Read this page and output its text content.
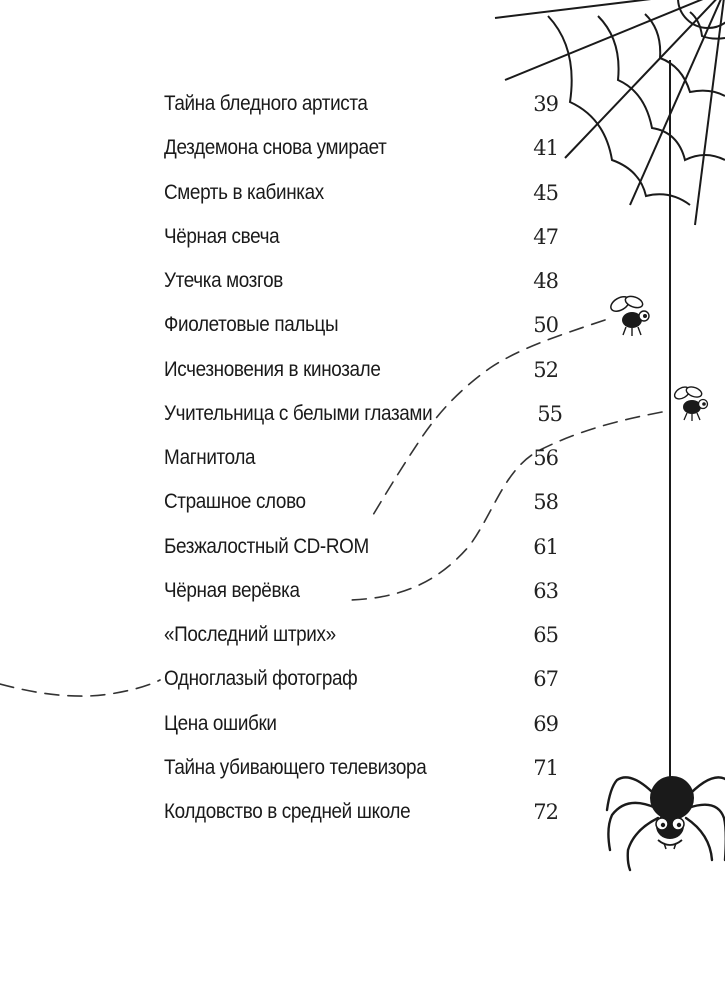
Тайна бледного артиста	39
Дездемона снова умирает	41
Смерть в кабинках	45
Чёрная свеча	47
Утечка мозгов	48
Фиолетовые пальцы	50
Исчезновения в кинозале	52
Учительница с белыми глазами	55
Магнитола	56
Страшное слово	58
Безжалостный CD-ROM	61
Чёрная верёвка	63
«Последний штрих»	65
Одноглазый фотограф	67
Цена ошибки	69
Тайна убивающего телевизора	71
Колдовство в средней школе	72
